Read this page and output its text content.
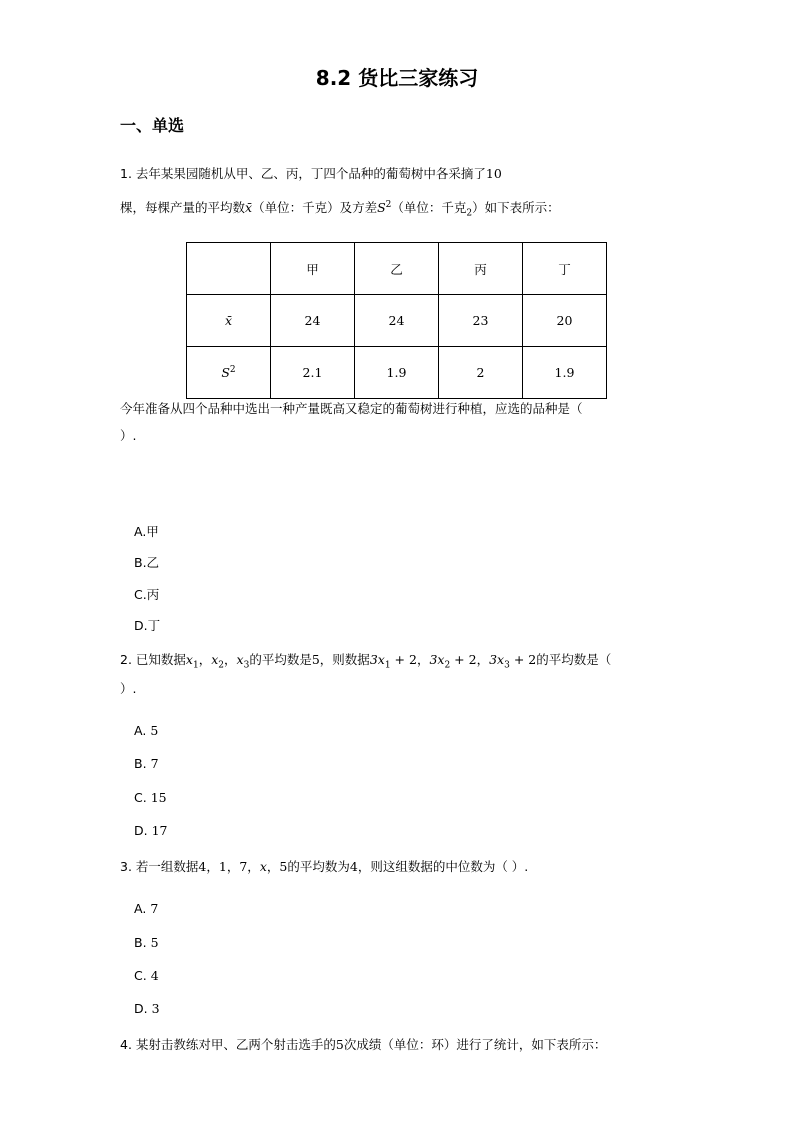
8.2 货比三家练习
一、单选
1. 去年某果园随机从甲、乙、丙，丁四个品种的葡萄树中各采摘了10
棵，每棵产量的平均数x̄（单位：千克）及方差$S^2$（单位：千克$_2$）如下表所示：
	甲	乙	丙	丁
x̄	24	24	23	20
$S^2$	2.1	1.9	2	1.9
今年准备从四个品种中选出一种产量既高又稳定的葡萄树进行种植，应选的品种是（
）.
A.甲
B.乙
C.丙
D.丁
2. 已知数据$x_1$，$x_2$，$x_3$的平均数是5，则数据$3x_1 + 2$，$3x_2 + 2$，$3x_3 + 2$的平均数是（
）.
A. 5
B. 7
C. 15
D. 17
3. 若一组数据4，1，7，x，5的平均数为4，则这组数据的中位数为（ ）.
A. 7
B. 5
C. 4
D. 3
4. 某射击教练对甲、乙两个射击选手的5次成绩（单位：环）进行了统计，如下表所示：
